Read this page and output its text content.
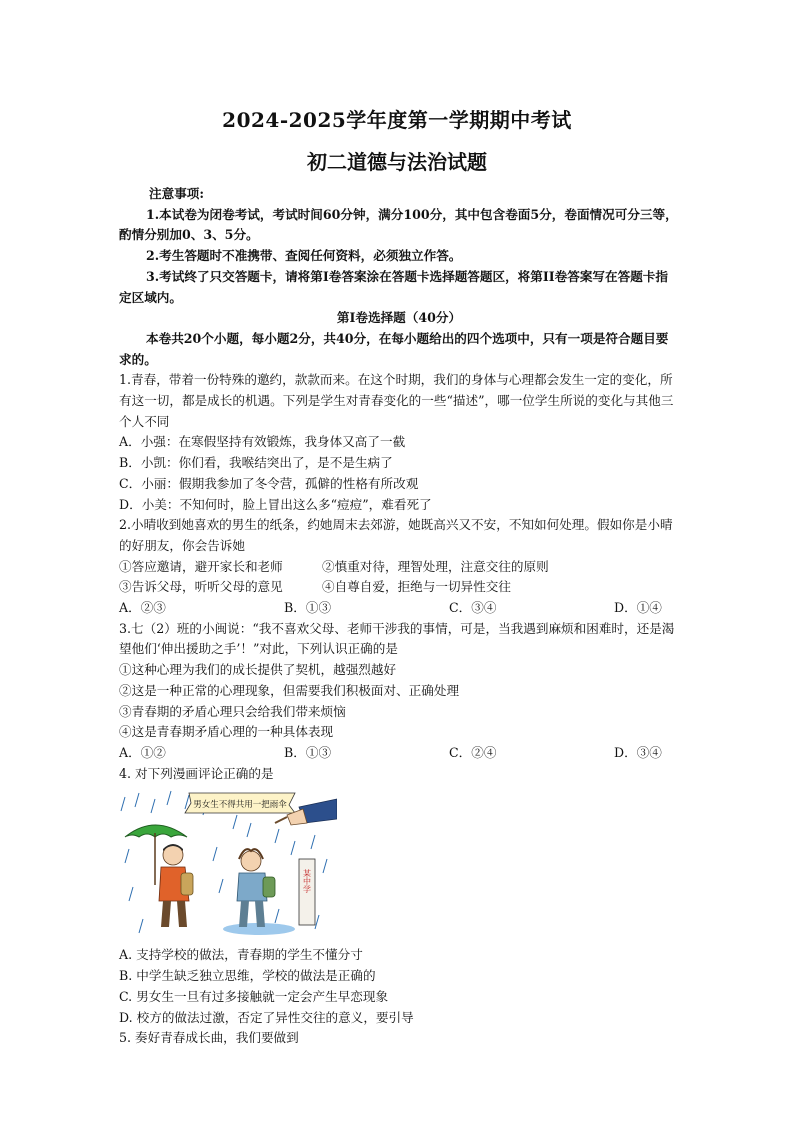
2024-2025学年度第一学期期中考试
初二道德与法治试题

注意事项:

1.本试卷为闭卷考试，考试时间60分钟，满分100分，其中包含卷面5分，卷面情况可分三等，酌情分别加0、3、5分。

2.考生答题时不准携带、查阅任何资料，必须独立作答。

3.考试终了只交答题卡，请将第I卷答案涂在答题卡选择题答题区，将第II卷答案写在答题卡指定区域内。

第I卷选择题（40分）

本卷共20个小题，每小题2分，共40分，在每小题给出的四个选项中，只有一项是符合题目要求的。

1.青春，带着一份特殊的邀约，款款而来。在这个时期，我们的身体与心理都会发生一定的变化，所有这一切，都是成长的机遇。下列是学生对青春变化的一些“描述”，哪一位学生所说的变化与其他三个人不同

A．小强：在寒假坚持有效锻炼，我身体又高了一截

B．小凯：你们看，我喉结突出了，是不是生病了

C．小丽：假期我参加了冬令营，孤僻的性格有所改观

D．小美：不知何时，脸上冒出这么多“痘痘”，难看死了

2.小晴收到她喜欢的男生的纸条，约她周末去郊游，她既高兴又不安，不知如何处理。假如你是小晴的好朋友，你会告诉她

①答应邀请，避开家长和老师	②慎重对待，理智处理，注意交往的原则
③告诉父母，听听父母的意见	④自尊自爱，拒绝与一切异性交往
A．②③	B．①③	C．③④	D．①④

3.七（2）班的小闽说：“我不喜欢父母、老师干涉我的事情，可是，当我遇到麻烦和困难时，还是渴望他们‘伸出援助之手’！”对此，下列认识正确的是

①这种心理为我们的成长提供了契机，越强烈越好

②这是一种正常的心理现象，但需要我们积极面对、正确处理

③青春期的矛盾心理只会给我们带来烦恼

④这是青春期矛盾心理的一种具体表现

A．①②	B．①③	C．②④	D．③④

4. 对下列漫画评论正确的是

男女生不得共用一把雨伞
某中学

A. 支持学校的做法，青春期的学生不懂分寸

B. 中学生缺乏独立思维，学校的做法是正确的

C. 男女生一旦有过多接触就一定会产生早恋现象

D. 校方的做法过激，否定了异性交往的意义，要引导

5. 奏好青春成长曲，我们要做到
